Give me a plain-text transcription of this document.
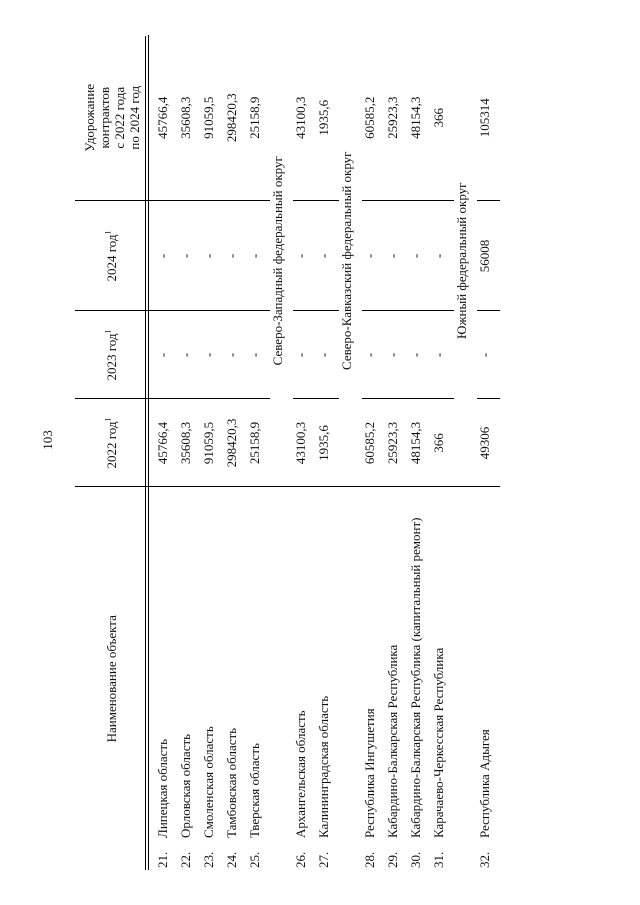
103
Наименование объекта		2022 год$^1$	2023 год$^1$	2024 год$^1$	Удорожание
контрактов
с 2022 года
по 2024 год
21.	Липецкая область	45766,4	-	-	45766,4
22.	Орловская область	35608,3	-	-	35608,3
23.	Смоленская область	91059,5	-	-	91059,5
24.	Тамбовская область	298420,3	-	-	298420,3
25.	Тверская область	25158,9	-	-	25158,9
		Северо-Западный федеральный округ			
26.	Архангельская область	43100,3	-	-	43100,3
27.	Калининградская область	1935,6	-	-	1935,6
		Северо-Кавказский федеральный округ			
28.	Республика Ингушетия	60585,2	-	-	60585,2
29.	Кабардино-Балкарская Республика	25923,3	-	-	25923,3
30.	Кабардино-Балкарская Республика (капитальный ремонт)	48154,3	-	-	48154,3
31.	Карачаево-Черкесская Республика	366	-	-	366
		Южный федеральный округ			
32.	Республика Адыгея	49306	-	56008	105314
